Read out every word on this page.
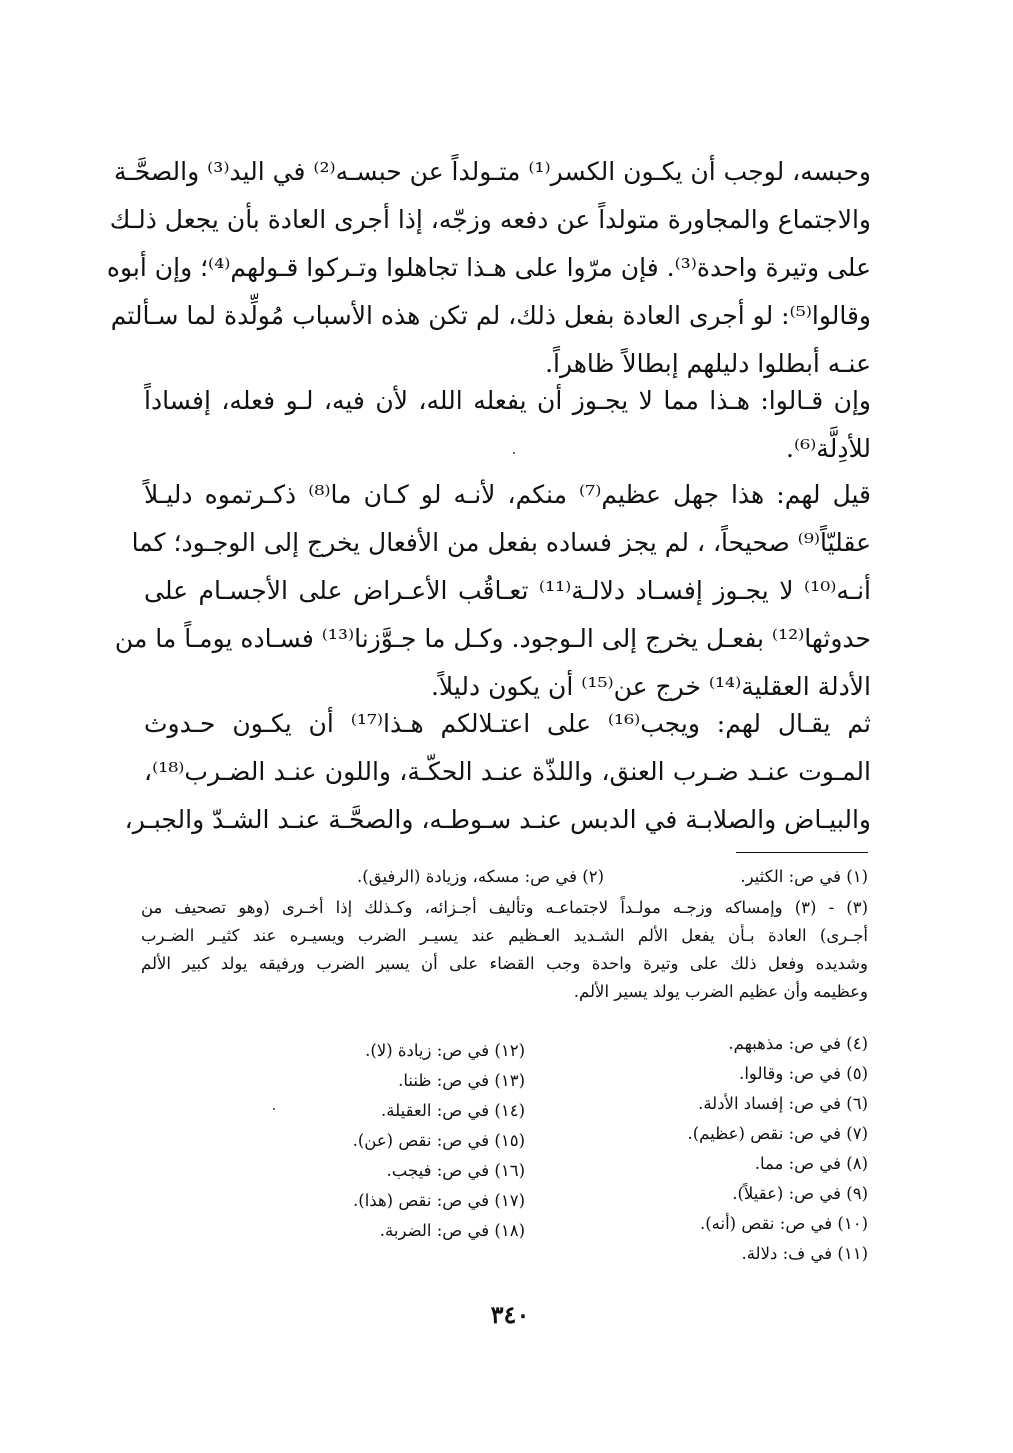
وحبسه، لوجب أن يكـون الكسر⁽¹⁾ متـولداً عن حبسـه⁽²⁾ في اليد⁽³⁾ والصحَّـة
والاجتماع والمجاورة متولداً عن دفعه وزجّه، إذا أجرى العادة بأن يجعل ذلـك
على وتيرة واحدة⁽³⁾. فإن مرّوا على هـذا تجاهلوا وتـركوا قـولهم⁽⁴⁾؛ وإن أبوه
وقالوا⁽⁵⁾: لو أجرى العادة بفعل ذلك، لم تكن هذه الأسباب مُولِّدة لما سـألتم
عنـه أبطلوا دليلهم إبطالاً ظاهراً.
وإن قـالوا: هـذا مما لا يجـوز أن يفعله الله، لأن فيه، لـو فعله، إفساداً
للأدِلَّة⁽⁶⁾.
قيل لهم: هذا جهل عظيم⁽⁷⁾ منكم، لأنـه لو كـان ما⁽⁸⁾ ذكـرتموه دليـلاً
عقليّاً⁽⁹⁾ صحيحاً، ، لم يجز فساده بفعل من الأفعال يخرج إلى الوجـود؛ كما
أنـه⁽¹⁰⁾ لا يجـوز إفسـاد دلالـة⁽¹¹⁾ تعـاقُب الأعـراض على الأجسـام على
حدوثها⁽¹²⁾ بفعـل يخرج إلى الـوجود. وكـل ما جـوَّزنا⁽¹³⁾ فسـاده يومـاً ما من
الأدلة العقلية⁽¹⁴⁾ خرج عن⁽¹⁵⁾ أن يكون دليلاً.
ثم يقـال لهم: ويجب⁽¹⁶⁾ على اعتـلالكم هـذا⁽¹⁷⁾ أن يكـون حـدوث
المـوت عنـد ضـرب العنق، واللذّة عنـد الحكّـة، واللون عنـد الضـرب⁽¹⁸⁾،
والبيـاض والصلابـة في الدبس عنـد سـوطـه، والصحَّـة عنـد الشـدّ والجبـر،
(١) في ص: الكثير.
(٢) في ص: مسكه، وزيادة (الرفيق).
(٣) - (٣) وإمساكه وزجـه مولـداً لاجتماعـه وتأليف أجـزائه، وكـذلك إذا أخـرى (وهو تصحيف من
أجـرى) العادة بـأن يفعل الألم الشـديد العـظيم عند يسيـر الضرب ويسيـره عند كثيـر الضـرب
وشديده وفعل ذلك على وتيرة واحدة وجب القضاء على أن يسير الضرب ورفيقه يولد كبير الألم
وعظيمه وأن عظيم الضرب يولد يسير الألم.
(٤) في ص: مذهبهم.
(٥) في ص: وقالوا.
(٦) في ص: إفساد الأدلة.
(٧) في ص: نقص (عظيم).
(٨) في ص: مما.
(٩) في ص: (عقيلاً).
(١٠) في ص: نقص (أنه).
(١١) في ف: دلالة.
(١٢) في ص: زيادة (لا).
(١٣) في ص: ظننا.
(١٤) في ص: العقيلة.
(١٥) في ص: نقص (عن).
(١٦) في ص: فيجب.
(١٧) في ص: نقص (هذا).
(١٨) في ص: الضربة.
٣٤٠
